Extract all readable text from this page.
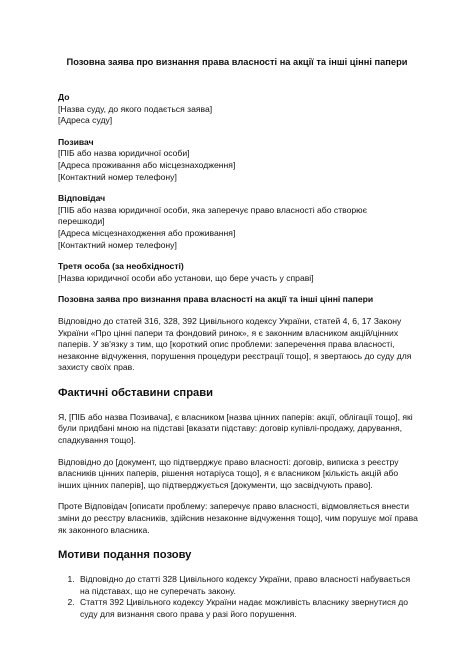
Позовна заява про визнання права власності на акції та інші цінні папери
До
[Назва суду, до якого подається заява]
[Адреса суду]
Позивач
[ПІБ або назва юридичної особи]
[Адреса проживання або місцезнаходження]
[Контактний номер телефону]
Відповідач
[ПІБ або назва юридичної особи, яка заперечує право власності або створює
перешкоди]
[Адреса місцезнаходження або проживання]
[Контактний номер телефону]
Третя особа (за необхідності)
[Назва юридичної особи або установи, що бере участь у справі]

Позовна заява про визнання права власності на акції та інші цінні папери

Відповідно до статей 316, 328, 392 Цивільного кодексу України, статей 4, 6, 17 Закону України «Про цінні папери та фондовий ринок», я є законним власником акцій/цінних паперів. У зв'язку з тим, що [короткий опис проблеми: заперечення права власності, незаконне відчуження, порушення процедури реєстрації тощо], я звертаюсь до суду для захисту своїх прав.

Фактичні обставини справи

Я, [ПІБ або назва Позивача], є власником [назва цінних паперів: акції, облігації тощо], які були придбані мною на підставі [вказати підставу: договір купівлі-продажу, дарування, спадкування тощо].

Відповідно до [документ, що підтверджує право власності: договір, виписка з реєстру власників цінних паперів, рішення нотаріуса тощо], я є власником [кількість акцій або інших цінних паперів], що підтверджується [документи, що засвідчують право].

Проте Відповідач [описати проблему: заперечує право власності, відмовляється внести зміни до реєстру власників, здійснив незаконне відчуження тощо], чим порушує мої права як законного власника.

Мотиви подання позову
1. Відповідно до статті 328 Цивільного кодексу України, право власності набувається на підставах, що не суперечать закону.
2. Стаття 392 Цивільного кодексу України надає можливість власнику звернутися до суду для визнання свого права у разі його порушення.
